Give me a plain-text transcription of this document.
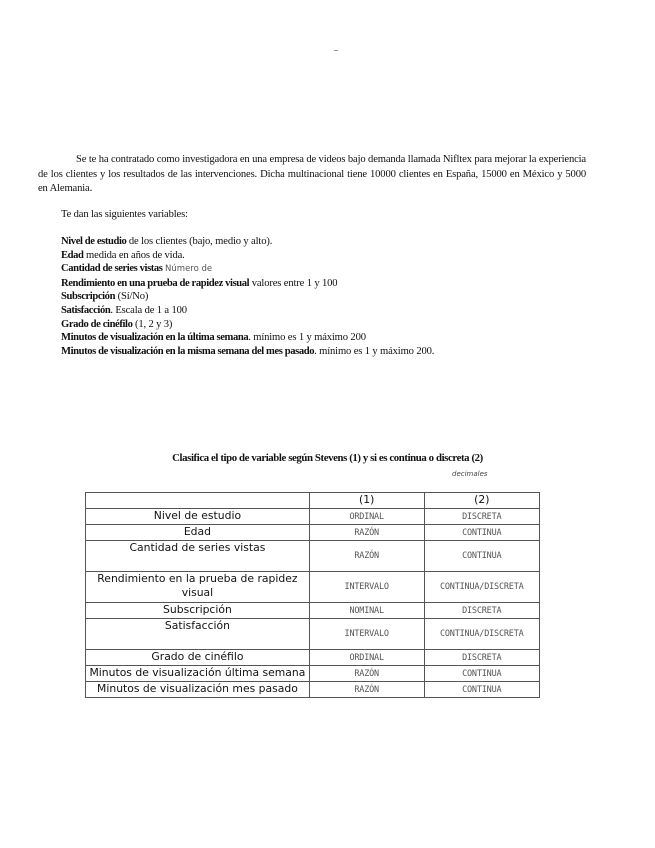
Se te ha contratado como investigadora en una empresa de videos bajo demanda llamada Nifltex para mejorar la experiencia de los clientes y los resultados de las intervenciones. Dicha multinacional tiene 10000 clientes en España, 15000 en México y 5000 en Alemania.
Te dan las siguientes variables:
Nivel de estudio de los clientes (bajo, medio y alto).
Edad medida en años de vida.
Cantidad de series vistas Número de
Rendimiento en una prueba de rapidez visual valores entre 1 y 100
Subscripción (Sí/No)
Satisfacción. Escala de 1 a 100
Grado de cinéfilo (1, 2 y 3)
Minutos de visualización en la última semana. mínimo es 1 y máximo 200
Minutos de visualización en la misma semana del mes pasado. mínimo es 1 y máximo 200.
Clasifica el tipo de variable según Stevens (1) y si es continua o discreta (2)
decimales
	(1)	(2)
Nivel de estudio	ORDINAL	DISCRETA
Edad	RAZÓN	CONTINUA
Cantidad de series vistas	RAZÓN	CONTINUA
Rendimiento en la prueba de rapidez visual	INTERVALO	CONTINUA/DISCRETA
Subscripción	NOMINAL	DISCRETA
Satisfacción	INTERVALO	CONTINUA/DISCRETA
Grado de cinéfilo	ORDINAL	DISCRETA
Minutos de visualización última semana	RAZÓN	CONTINUA
Minutos de visualización mes pasado	RAZÓN	CONTINUA
